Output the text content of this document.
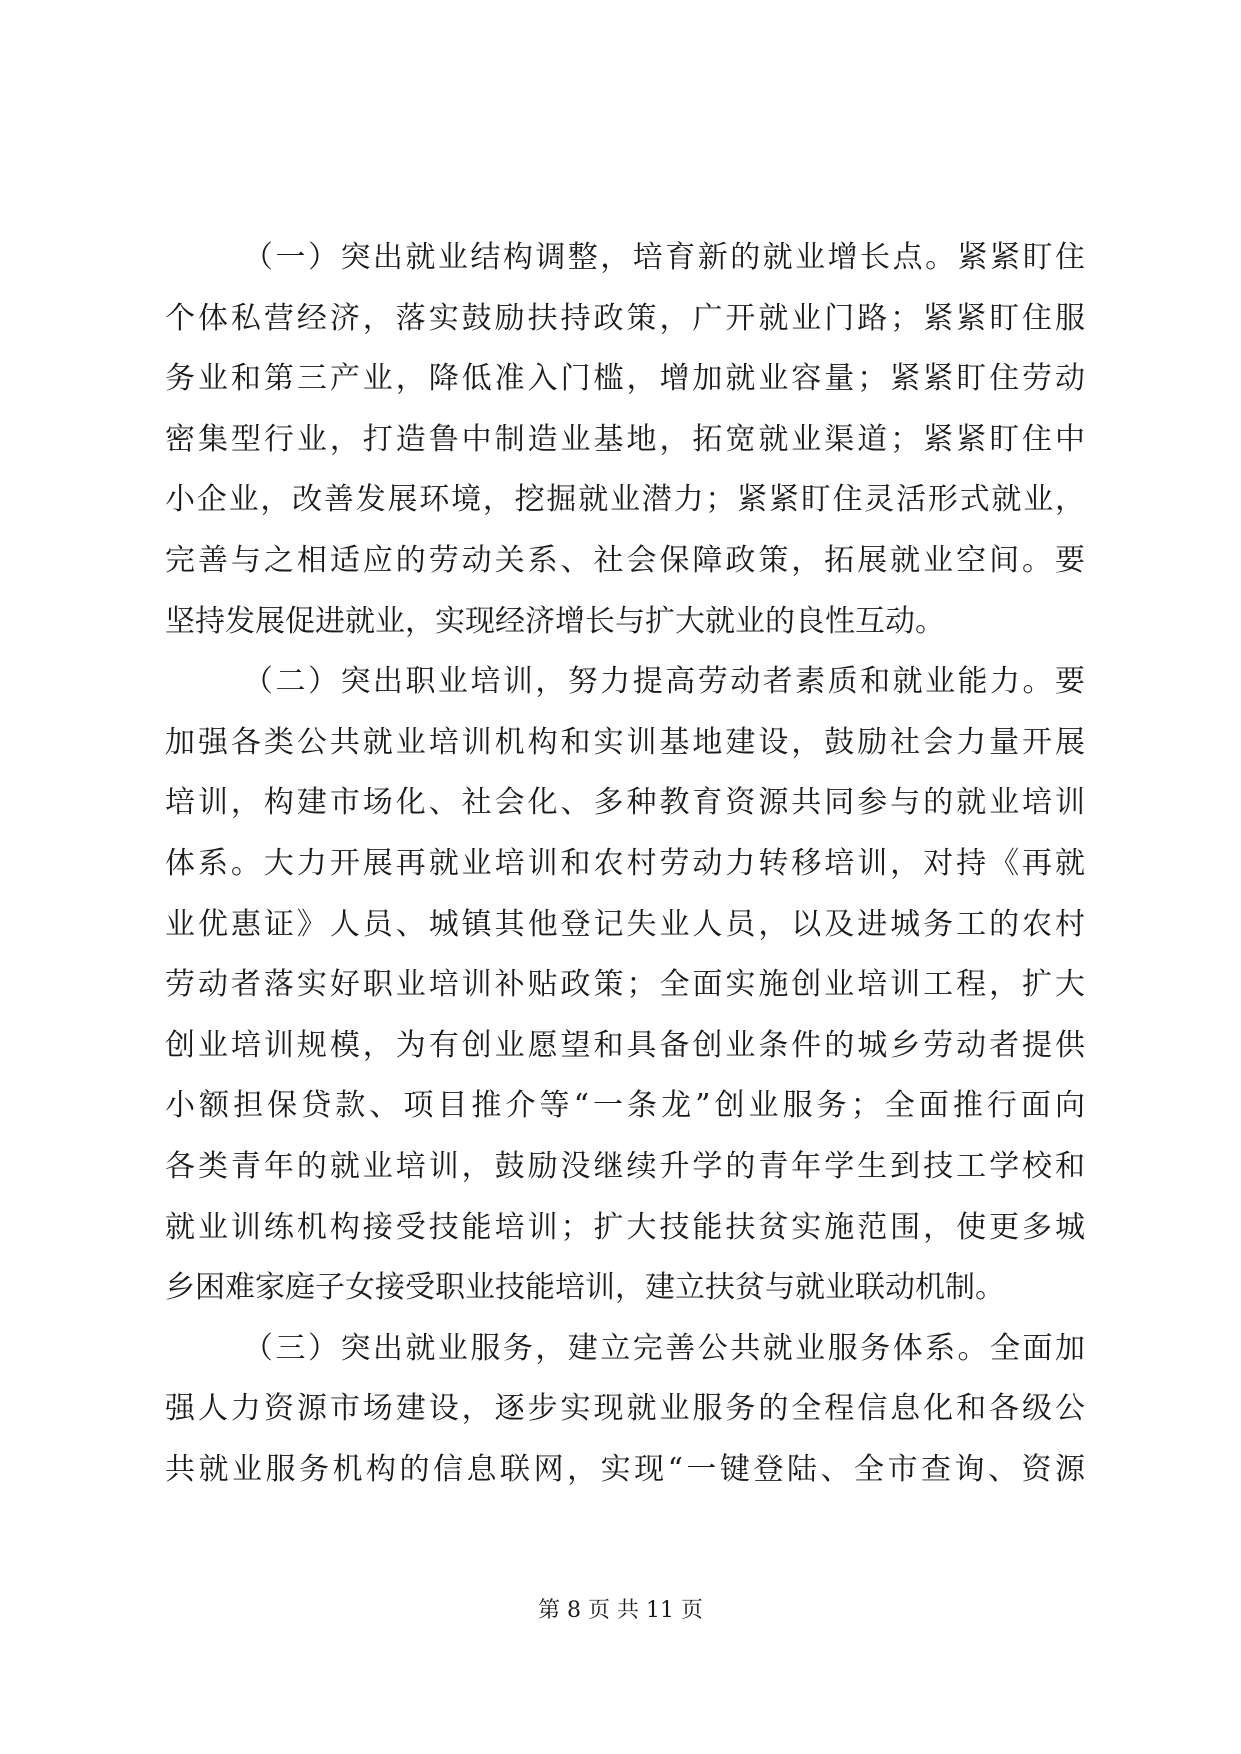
（一）突出就业结构调整，培育新的就业增长点。紧紧盯住
个体私营经济，落实鼓励扶持政策，广开就业门路；紧紧盯住服
务业和第三产业，降低准入门槛，增加就业容量；紧紧盯住劳动
密集型行业，打造鲁中制造业基地，拓宽就业渠道；紧紧盯住中
小企业，改善发展环境，挖掘就业潜力；紧紧盯住灵活形式就业，
完善与之相适应的劳动关系、社会保障政策，拓展就业空间。要
坚持发展促进就业，实现经济增长与扩大就业的良性互动。
（二）突出职业培训，努力提高劳动者素质和就业能力。要
加强各类公共就业培训机构和实训基地建设，鼓励社会力量开展
培训，构建市场化、社会化、多种教育资源共同参与的就业培训
体系。大力开展再就业培训和农村劳动力转移培训，对持《再就
业优惠证》人员、城镇其他登记失业人员，以及进城务工的农村
劳动者落实好职业培训补贴政策；全面实施创业培训工程，扩大
创业培训规模，为有创业愿望和具备创业条件的城乡劳动者提供
小额担保贷款、项目推介等“一条龙”创业服务；全面推行面向
各类青年的就业培训，鼓励没继续升学的青年学生到技工学校和
就业训练机构接受技能培训；扩大技能扶贫实施范围，使更多城
乡困难家庭子女接受职业技能培训，建立扶贫与就业联动机制。
（三）突出就业服务，建立完善公共就业服务体系。全面加
强人力资源市场建设，逐步实现就业服务的全程信息化和各级公
共就业服务机构的信息联网，实现“一键登陆、全市查询、资源
第 8 页 共 11 页
